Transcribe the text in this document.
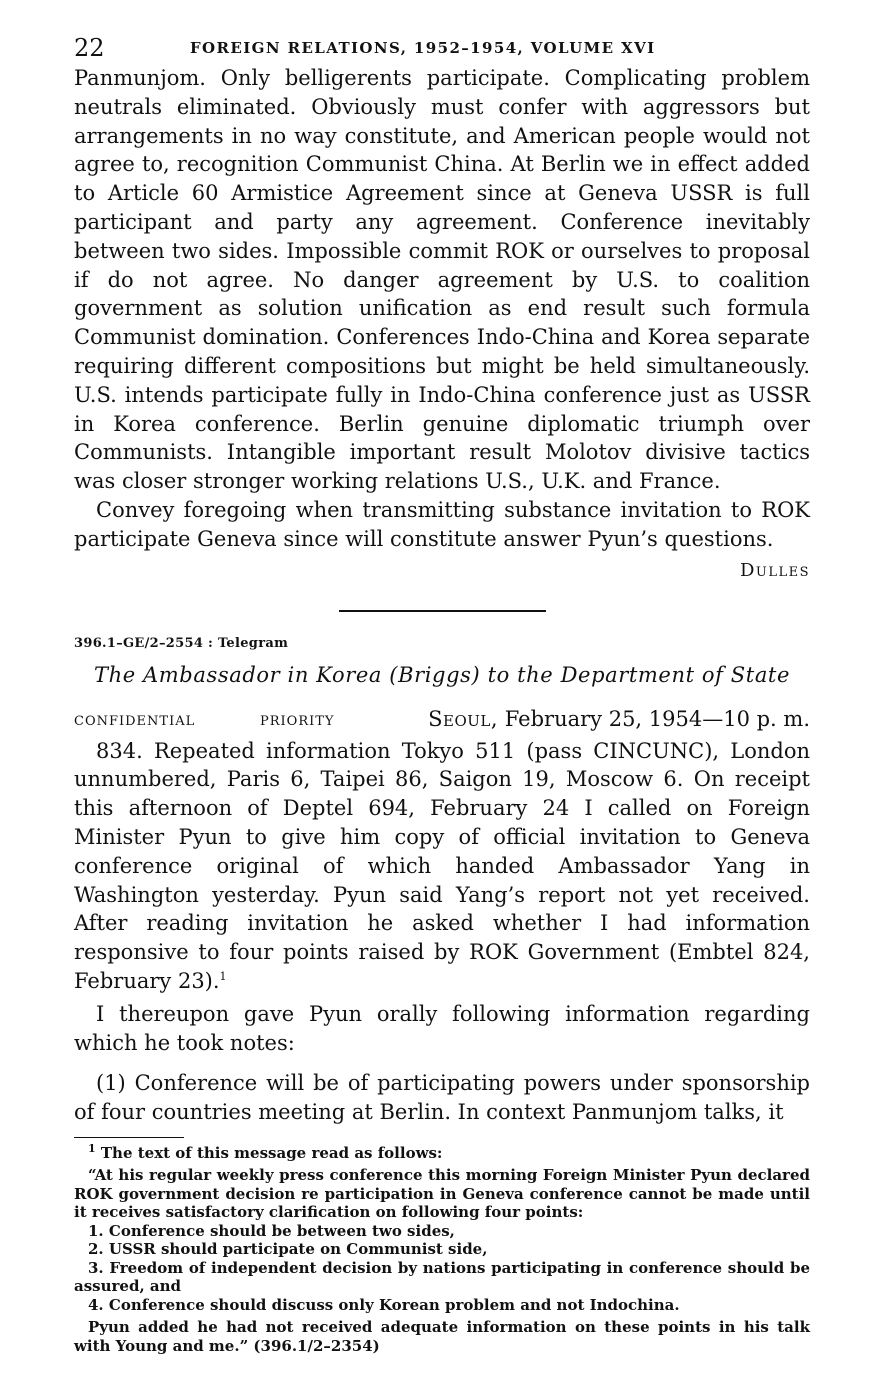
22	FOREIGN RELATIONS, 1952–1954, VOLUME XVI

Panmunjom. Only belligerents participate. Complicating problem neutrals eliminated. Obviously must confer with aggressors but arrangements in no way constitute, and American people would not agree to, recognition Communist China. At Berlin we in effect added to Article 60 Armistice Agreement since at Geneva USSR is full participant and party any agreement. Conference inevitably between two sides. Impossible commit ROK or ourselves to proposal if do not agree. No danger agreement by U.S. to coalition government as solution unification as end result such formula Communist domination. Conferences Indo-China and Korea separate requiring different compositions but might be held simultaneously. U.S. intends participate fully in Indo-China conference just as USSR in Korea conference. Berlin genuine diplomatic triumph over Communists. Intangible important result Molotov divisive tactics was closer stronger working relations U.S., U.K. and France.

Convey foregoing when transmitting substance invitation to ROK participate Geneva since will constitute answer Pyun’s questions.

Dulles
396.1–GE/2–2554 : Telegram
The Ambassador in Korea (Briggs) to the Department of State
CONFIDENTIAL	PRIORITY	Seoul, February 25, 1954—10 p. m.

834. Repeated information Tokyo 511 (pass CINCUNC), London unnumbered, Paris 6, Taipei 86, Saigon 19, Moscow 6. On receipt this afternoon of Deptel 694, February 24 I called on Foreign Minister Pyun to give him copy of official invitation to Geneva conference original of which handed Ambassador Yang in Washington yesterday. Pyun said Yang’s report not yet received. After reading invitation he asked whether I had information responsive to four points raised by ROK Government (Embtel 824, February 23).$^1$

I thereupon gave Pyun orally following information regarding which he took notes:

(1) Conference will be of participating powers under sponsorship of four countries meeting at Berlin. In context Panmunjom talks, it

$^1$ The text of this message read as follows:

“At his regular weekly press conference this morning Foreign Minister Pyun declared ROK government decision re participation in Geneva conference cannot be made until it receives satisfactory clarification on following four points:

1. Conference should be between two sides,
2. USSR should participate on Communist side,
3. Freedom of independent decision by nations participating in conference should be assured, and
4. Conference should discuss only Korean problem and not Indochina.

Pyun added he had not received adequate information on these points in his talk with Young and me.” (396.1/2–2354)
